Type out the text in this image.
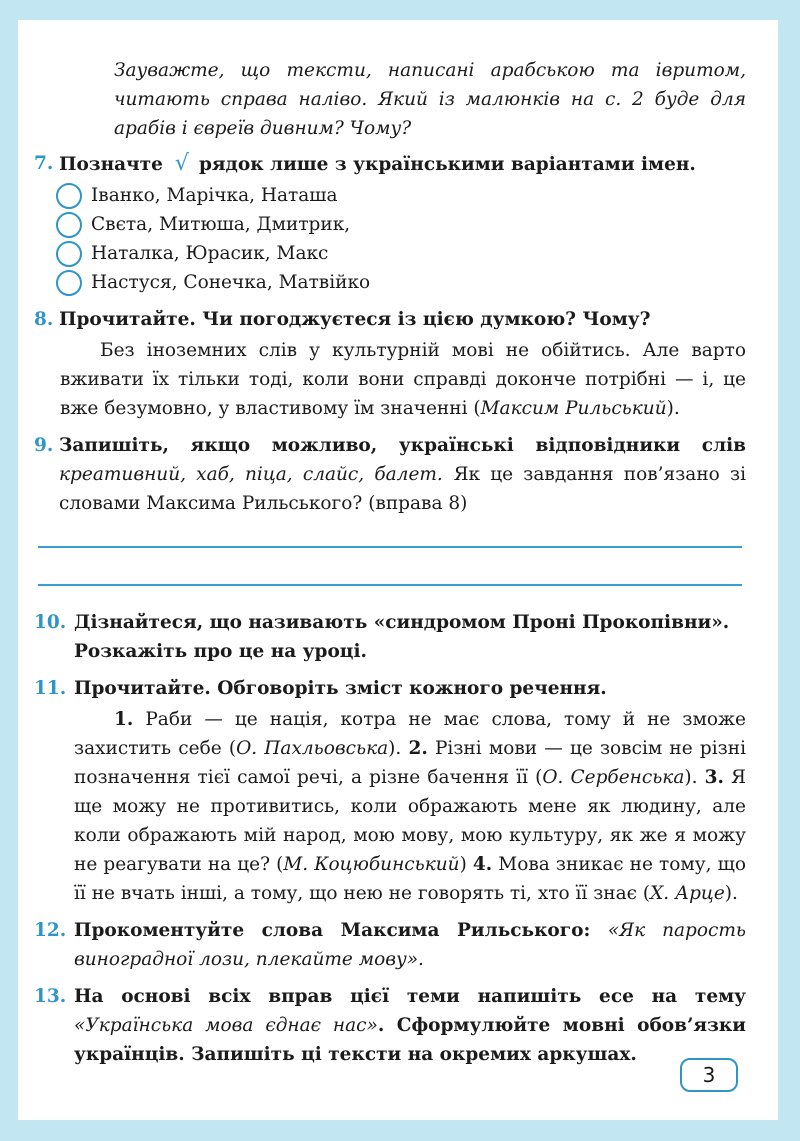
Зауважте, що тексти, написані арабською та івритом, читають справа наліво. Який із малюнків на с. 2 буде для арабів і євреїв дивним? Чому?

7. Позначте √ рядок лише з українськими варіантами імен.
Іванко, Марічка, Наташа
Свєта, Митюша, Дмитрик,
Наталка, Юрасик, Макс
Настуся, Сонечка, Матвійко
8. Прочитайте. Чи погоджуєтеся із цією думкою? Чому?

Без іноземних слів у культурній мові не обійтись. Але варто вживати їх тільки тоді, коли вони справді доконче потрібні — і, це вже безумовно, у властивому їм значенні (Максим Рильський).

9. Запишіть, якщо можливо, українські відповідники слів креативний, хаб, піца, слайс, балет. Як це завдання пов’язано зі словами Максима Рильського? (вправа 8)
10. Дізнайтеся, що називають «синдромом Проні Прокопівни». Розкажіть про це на уроці.
11. Прочитайте. Обговоріть зміст кожного речення.

1. Раби — це нація, котра не має слова, тому й не зможе захистить себе (О. Пахльовська). 2. Різні мови — це зовсім не різні позначення тієї самої речі, а різне бачення її (О. Сербенська). 3. Я ще можу не противитись, коли ображають мене як людину, але коли ображають мій народ, мою мову, мою культуру, як же я можу не реагувати на це? (М. Коцюбинський) 4. Мова зникає не тому, що її не вчать інші, а тому, що нею не говорять ті, хто її знає (Х. Арце).

12. Прокоментуйте слова Максима Рильського: «Як парость виноградної лози, плекайте мову».
13. На основі всіх вправ цієї теми напишіть есе на тему «Українська мова єднає нас». Сформулюйте мовні обов’язки українців. Запишіть ці тексти на окремих аркушах.
3
